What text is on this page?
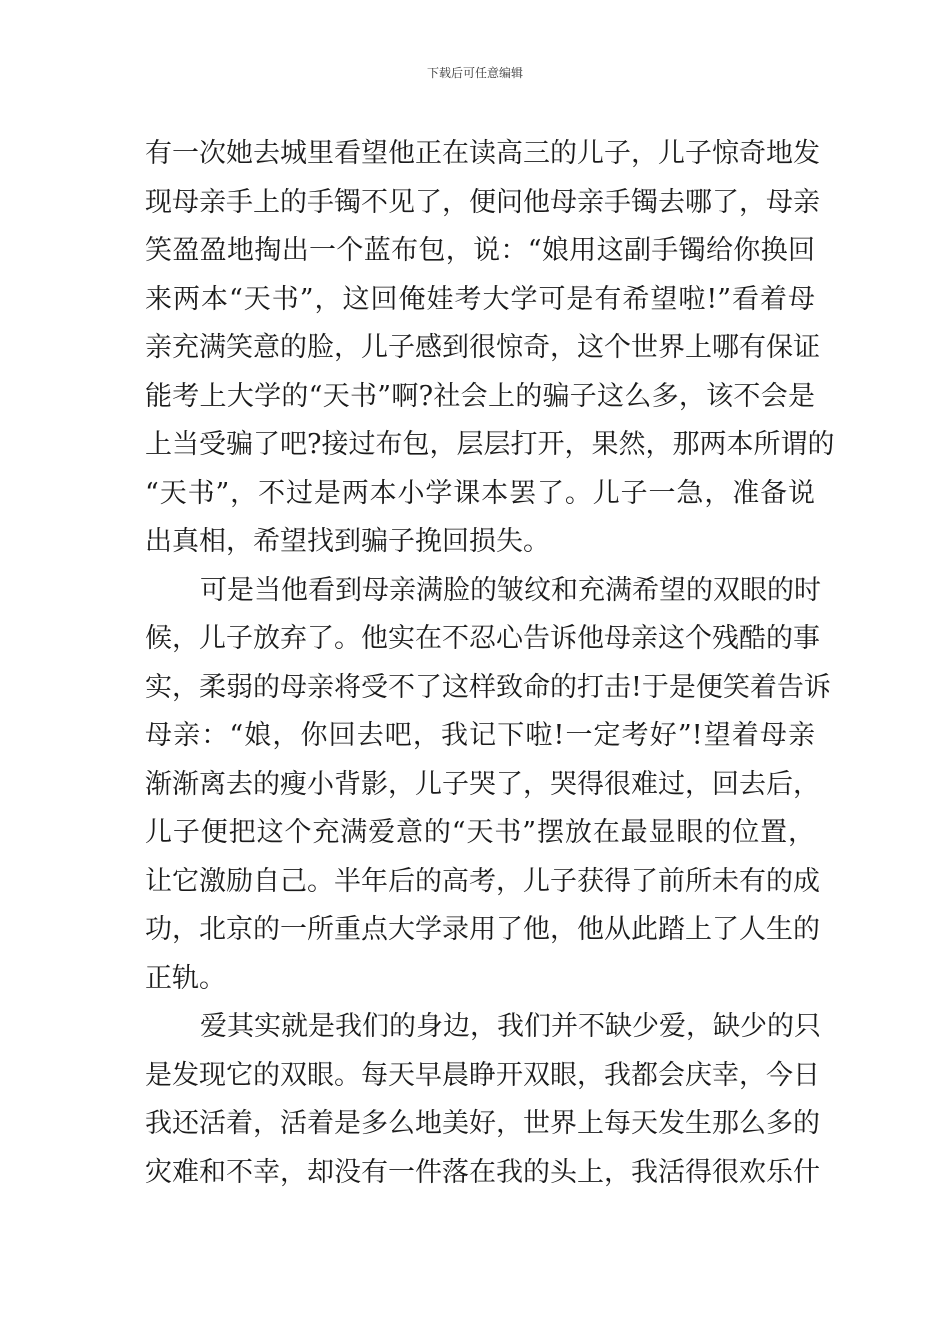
下载后可任意编辑
有一次她去城里看望他正在读高三的儿子，儿子惊奇地发
现母亲手上的手镯不见了，便问他母亲手镯去哪了，母亲
笑盈盈地掏出一个蓝布包，说：“娘用这副手镯给你换回
来两本“天书”，这回俺娃考大学可是有希望啦!”看着母
亲充满笑意的脸，儿子感到很惊奇，这个世界上哪有保证
能考上大学的“天书”啊?社会上的骗子这么多，该不会是
上当受骗了吧?接过布包，层层打开，果然，那两本所谓的
“天书”，不过是两本小学课本罢了。儿子一急，准备说
出真相，希望找到骗子挽回损失。
可是当他看到母亲满脸的皱纹和充满希望的双眼的时
候，儿子放弃了。他实在不忍心告诉他母亲这个残酷的事
实，柔弱的母亲将受不了这样致命的打击!于是便笑着告诉
母亲：“娘，你回去吧，我记下啦!一定考好”!望着母亲
渐渐离去的瘦小背影，儿子哭了，哭得很难过，回去后，
儿子便把这个充满爱意的“天书”摆放在最显眼的位置，
让它激励自己。半年后的高考，儿子获得了前所未有的成
功，北京的一所重点大学录用了他，他从此踏上了人生的
正轨。
爱其实就是我们的身边，我们并不缺少爱，缺少的只
是发现它的双眼。每天早晨睁开双眼，我都会庆幸，今日
我还活着，活着是多么地美好，世界上每天发生那么多的
灾难和不幸，却没有一件落在我的头上，我活得很欢乐什
